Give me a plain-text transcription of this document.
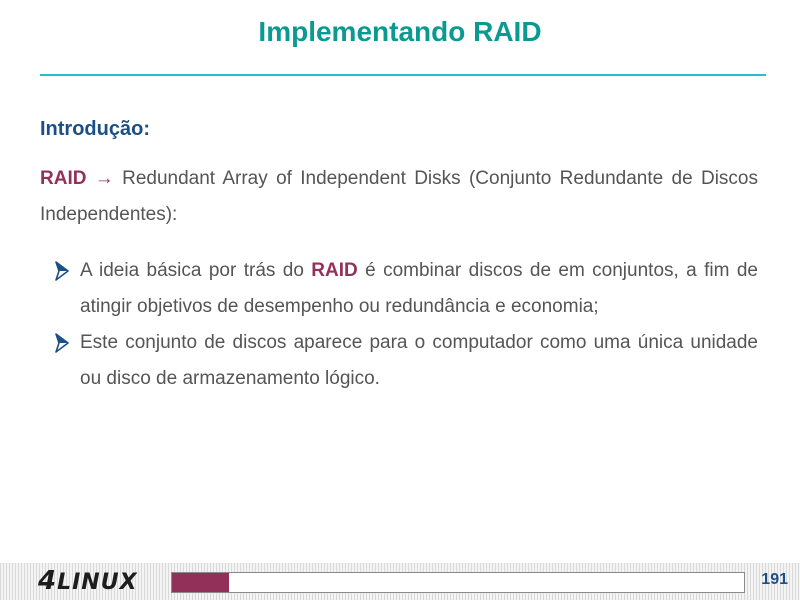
Implementando RAID
Introdução:

RAID → Redundant Array of Independent Disks (Conjunto Redundante de Discos Independentes):

A ideia básica por trás do RAID é combinar discos de em conjuntos, a fim de atingir objetivos de desempenho ou redundância e economia;
Este conjunto de discos aparece para o computador como uma única unidade ou disco de armazenamento lógico.
4LINUX	191
